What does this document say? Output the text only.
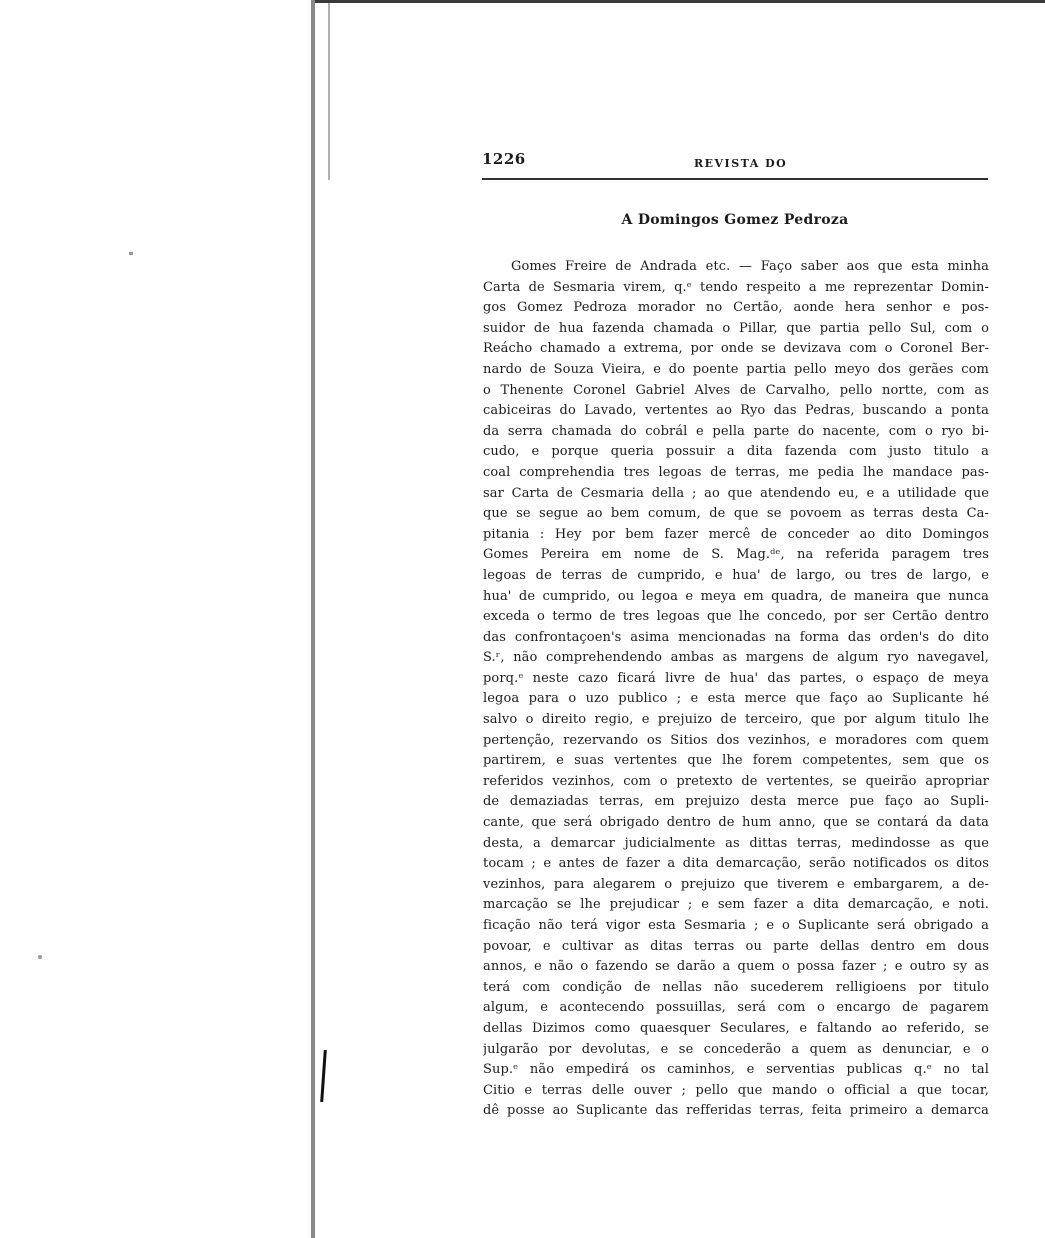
1226	REVISTA DO
A Domingos Gomez Pedroza
Gomes Freire de Andrada etc. — Faço saber aos que esta minha
Carta de Sesmaria virem, q.ᵉ tendo respeito a me reprezentar Domin-
gos Gomez Pedroza morador no Certão, aonde hera senhor e pos-
suidor de hua fazenda chamada o Pillar, que partia pello Sul, com o
Reácho chamado a extrema, por onde se devizava com o Coronel Ber-
nardo de Souza Vieira, e do poente partia pello meyo dos gerães com
o Thenente Coronel Gabriel Alves de Carvalho, pello nortte, com as
cabiceiras do Lavado, vertentes ao Ryo das Pedras, buscando a ponta
da serra chamada do cobrál e pella parte do nacente, com o ryo bi-
cudo, e porque queria possuir a dita fazenda com justo titulo a
coal comprehendia tres legoas de terras, me pedia lhe mandace pas-
sar Carta de Cesmaria della ; ao que atendendo eu, e a utilidade que
que se segue ao bem comum, de que se povoem as terras desta Ca-
pitania : Hey por bem fazer mercê de conceder ao dito Domingos
Gomes Pereira em nome de S. Mag.ᵈᵉ, na referida paragem tres
legoas de terras de cumprido, e hua' de largo, ou tres de largo, e
hua' de cumprido, ou legoa e meya em quadra, de maneira que nunca
exceda o termo de tres legoas que lhe concedo, por ser Certão dentro
das confrontaçoen's asima mencionadas na forma das orden's do dito
S.ʳ, não comprehendendo ambas as margens de algum ryo navegavel,
porq.ᵉ neste cazo ficará livre de hua' das partes, o espaço de meya
legoa para o uzo publico ; e esta merce que faço ao Suplicante hé
salvo o direito regio, e prejuizo de terceiro, que por algum titulo lhe
pertenção, rezervando os Sitios dos vezinhos, e moradores com quem
partirem, e suas vertentes que lhe forem competentes, sem que os
referidos vezinhos, com o pretexto de vertentes, se queirão apropriar
de demaziadas terras, em prejuizo desta merce pue faço ao Supli-
cante, que será obrigado dentro de hum anno, que se contará da data
desta, a demarcar judicialmente as dittas terras, medindosse as que
tocam ; e antes de fazer a dita demarcação, serão notificados os ditos
vezinhos, para alegarem o prejuizo que tiverem e embargarem, a de-
marcação se lhe prejudicar ; e sem fazer a dita demarcação, e noti.
ficação não terá vigor esta Sesmaria ; e o Suplicante será obrigado a
povoar, e cultivar as ditas terras ou parte dellas dentro em dous
annos, e não o fazendo se darão a quem o possa fazer ; e outro sy as
terá com condição de nellas não sucederem relligioens por titulo
algum, e acontecendo possuillas, será com o encargo de pagarem
dellas Dizimos como quaesquer Seculares, e faltando ao referido, se
julgarão por devolutas, e se concederão a quem as denunciar, e o
Sup.ᵉ não empedirá os caminhos, e serventias publicas q.ᵉ no tal
Citio e terras delle ouver ; pello que mando o official a que tocar,
dê posse ao Suplicante das refferidas terras, feita primeiro a demarca
